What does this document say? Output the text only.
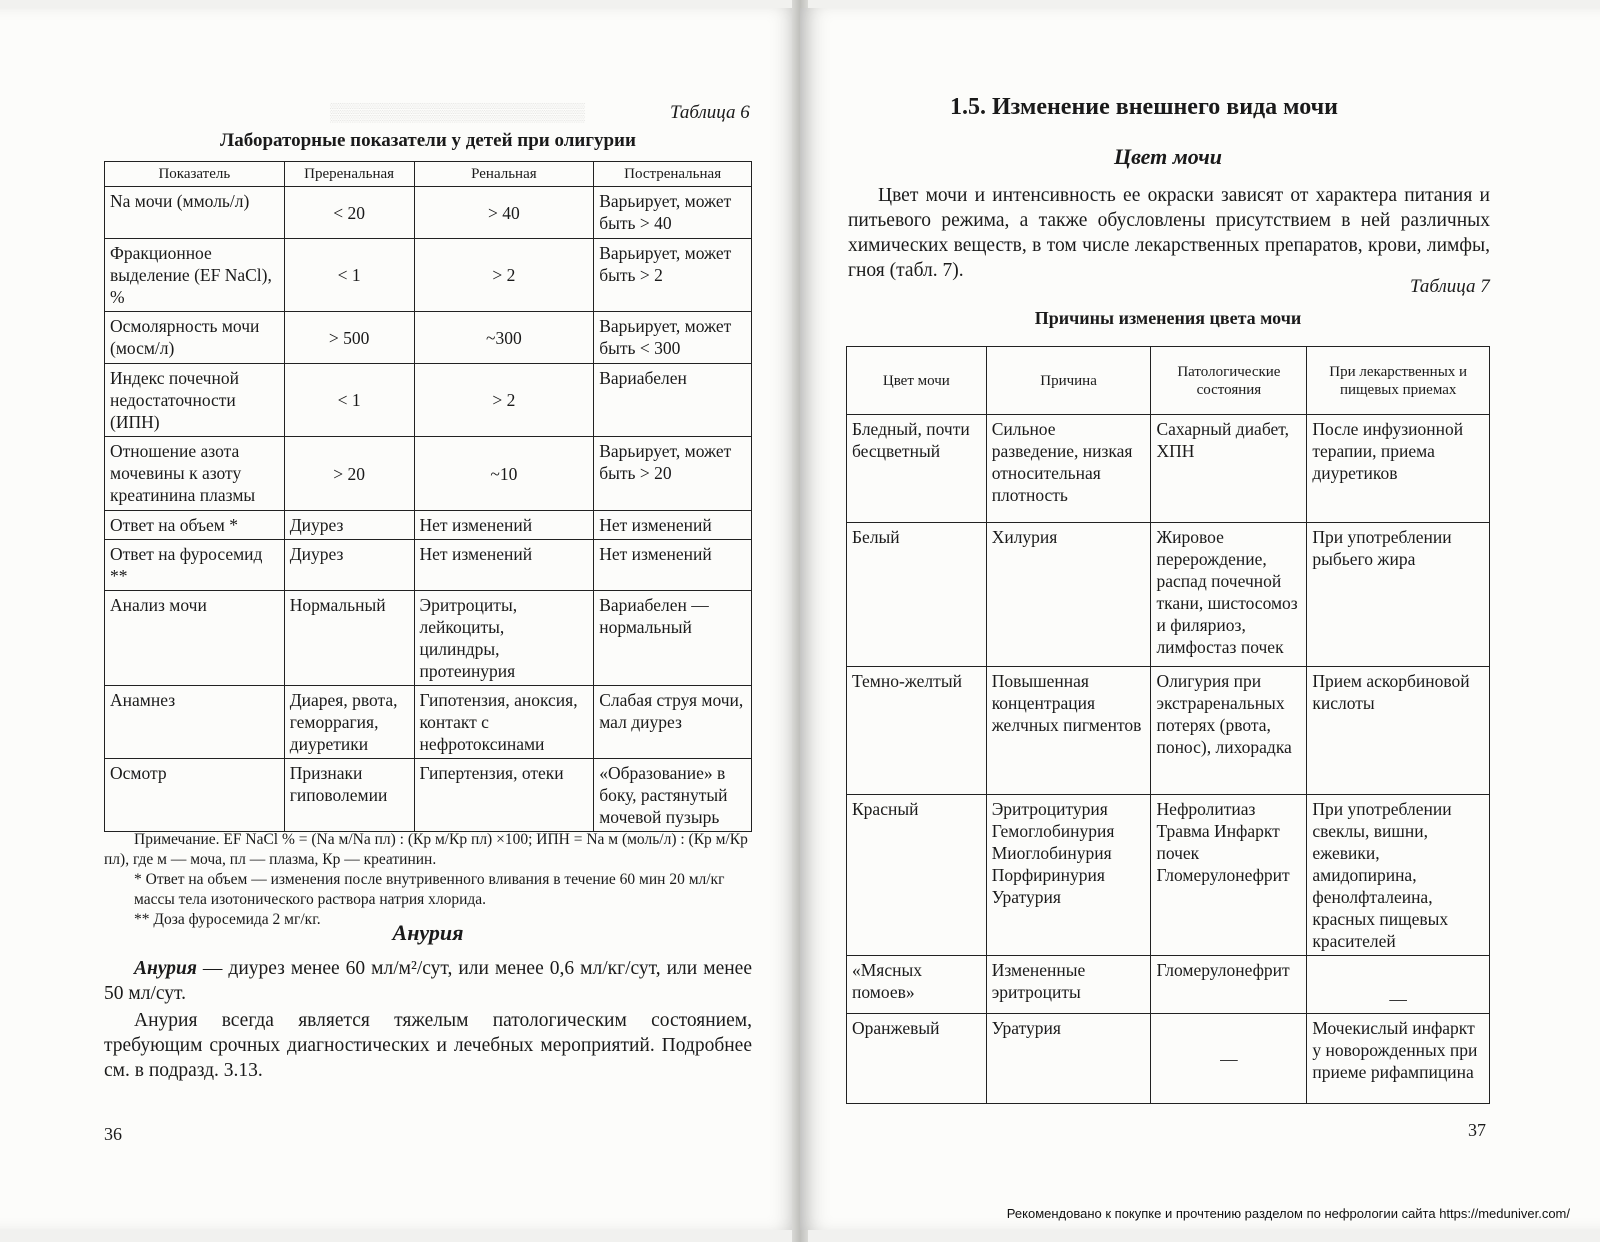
▒▒▒▒▒▒▒▒▒▒▒▒▒▒▒▒▒▒▒▒	Таблица 6
Лабораторные показатели у детей при олигурии
Показатель	Преренальная	Ренальная	Постренальная
Na мочи (ммоль/л)	< 20	> 40	Варьирует, может быть > 40
Фракционное выделение (EF NaCl), %	< 1	> 2	Варьирует, может быть > 2
Осмолярность мочи (мосм/л)	> 500	~300	Варьирует, может быть < 300
Индекс почечной недостаточности (ИПН)	< 1	> 2	Вариабелен
Отношение азота мочевины к азоту креатинина плазмы	> 20	~10	Варьирует, может быть > 20
Ответ на объем *	Диурез	Нет изменений	Нет изменений
Ответ на фуросемид **	Диурез	Нет изменений	Нет изменений
Анализ мочи	Нормальный	Эритроциты, лейкоциты, цилиндры, протеинурия	Вариабелен — нормальный
Анамнез	Диарея, рвота, геморрагия, диуретики	Гипотензия, аноксия, контакт с нефротоксинами	Слабая струя мочи, мал диурез
Осмотр	Признаки гиповолемии	Гипертензия, отеки	«Образование» в боку, растянутый мочевой пузырь
Примечание. EF NaCl % = (Na м/Na пл) : (Кр м/Кр пл) ×100; ИПН = Na м (моль/л) : (Кр м/Кр пл), где м — моча, пл — плазма, Кр — креатинин.
* Ответ на объем — изменения после внутривенного вливания в течение 60 мин 20 мл/кг массы тела изотонического раствора натрия хлорида.
** Доза фуросемида 2 мг/кг.
Анурия
Анурия — диурез менее 60 мл/м²/сут, или менее 0,6 мл/кг/сут, или менее 50 мл/сут.
Анурия всегда является тяжелым патологическим состоянием, требующим срочных диагностических и лечебных мероприятий. Подробнее см. в подразд. 3.13.
36
1.5. Изменение внешнего вида мочи
Цвет мочи
Цвет мочи и интенсивность ее окраски зависят от характера питания и питьевого режима, а также обусловлены присутствием в ней различных химических веществ, в том числе лекарственных препаратов, крови, лимфы, гноя (табл. 7).
Таблица 7
Причины изменения цвета мочи
Цвет мочи	Причина	Патологические состояния	При лекарственных и пищевых приемах
Бледный, почти бесцветный	Сильное разведение, низкая относительная плотность	Сахарный диабет, ХПН	После инфузионной терапии, приема диуретиков
Белый	Хилурия	Жировое перерождение, распад почечной ткани, шистосомоз и филяриоз, лимфостаз почек	При употреблении рыбьего жира
Темно-желтый	Повышенная концентрация желчных пигментов	Олигурия при экстраренальных потерях (рвота, понос), лихорадка	Прием аскорбиновой кислоты
Красный	Эритроцитурия Гемоглобинурия Миоглобинурия Порфиринурия Уратурия	Нефролитиаз Травма Инфаркт почек Гломерулонефрит	При употреблении свеклы, вишни, ежевики, амидопирина, фенолфталеина, красных пищевых красителей
«Мясных помоев»	Измененные эритроциты	Гломерулонефрит	—
Оранжевый	Уратурия	—	Мочекислый инфаркт у новорожденных при приеме рифампицина
37
Рекомендовано к покупке и прочтению разделом по нефрологии сайта https://meduniver.com/
